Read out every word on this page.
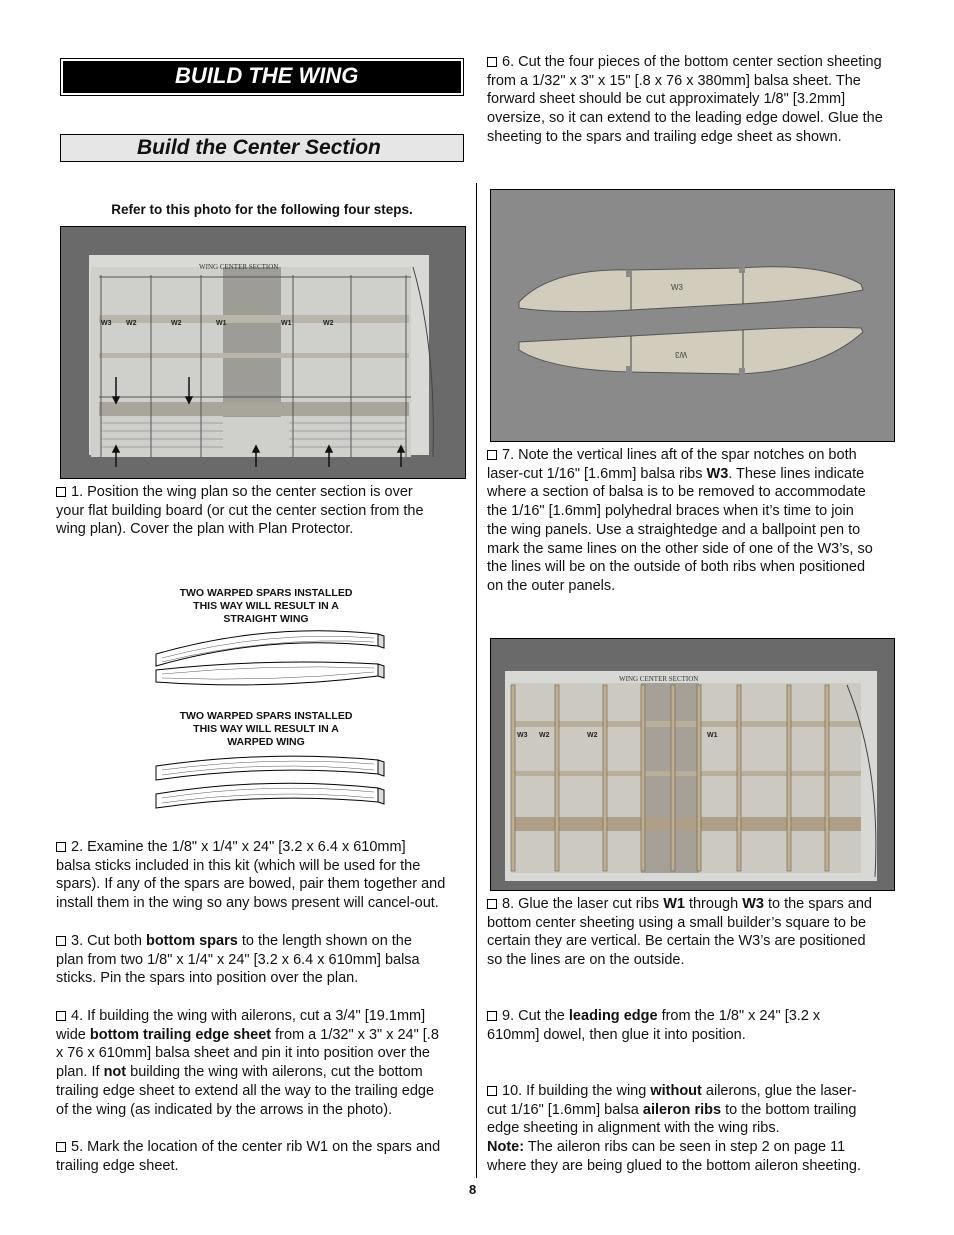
BUILD THE WING
Build the Center Section
Refer to this photo for the following four steps.
WING CENTER SECTION
W3 W2	W2	W1	W1	W2
1. Position the wing plan so the center section is over
your flat building board (or cut the center section from the
wing plan). Cover the plan with Plan Protector.
TWO WARPED SPARS INSTALLED
THIS WAY WILL RESULT IN A
STRAIGHT WING
TWO WARPED SPARS INSTALLED
THIS WAY WILL RESULT IN A
WARPED WING
2. Examine the 1/8" x 1/4" x 24" [3.2 x 6.4 x 610mm]
balsa sticks included in this kit (which will be used for the
spars). If any of the spars are bowed, pair them together and
install them in the wing so any bows present will cancel-out.
3. Cut both bottom spars to the length shown on the
plan from two 1/8" x 1/4" x 24" [3.2 x 6.4 x 610mm] balsa
sticks. Pin the spars into position over the plan.
4. If building the wing with ailerons, cut a 3/4" [19.1mm]
wide bottom trailing edge sheet from a 1/32" x 3" x 24" [.8
x 76 x 610mm] balsa sheet and pin it into position over the
plan. If not building the wing with ailerons, cut the bottom
trailing edge sheet to extend all the way to the trailing edge
of the wing (as indicated by the arrows in the photo).
5. Mark the location of the center rib W1 on the spars and
trailing edge sheet.
6. Cut the four pieces of the bottom center section sheeting
from a 1/32" x 3" x 15" [.8 x 76 x 380mm] balsa sheet. The
forward sheet should be cut approximately 1/8" [3.2mm]
oversize, so it can extend to the leading edge dowel. Glue the
sheeting to the spars and trailing edge sheet as shown.
W3
W3
7. Note the vertical lines aft of the spar notches on both
laser-cut 1/16" [1.6mm] balsa ribs W3. These lines indicate
where a section of balsa is to be removed to accommodate
the 1/16" [1.6mm] polyhedral braces when it’s time to join
the wing panels. Use a straightedge and a ballpoint pen to
mark the same lines on the other side of one of the W3’s, so
the lines will be on the outside of both ribs when positioned
on the outer panels.
WING CENTER SECTION
W3 W2	W2	W1
8. Glue the laser cut ribs W1 through W3 to the spars and
bottom center sheeting using a small builder’s square to be
certain they are vertical. Be certain the W3’s are positioned
so the lines are on the outside.
9. Cut the leading edge from the 1/8" x 24" [3.2 x
610mm] dowel, then glue it into position.
10. If building the wing without ailerons, glue the laser-
cut 1/16" [1.6mm] balsa aileron ribs to the bottom trailing
edge sheeting in alignment with the wing ribs.
Note: The aileron ribs can be seen in step 2 on page 11
where they are being glued to the bottom aileron sheeting.
8
